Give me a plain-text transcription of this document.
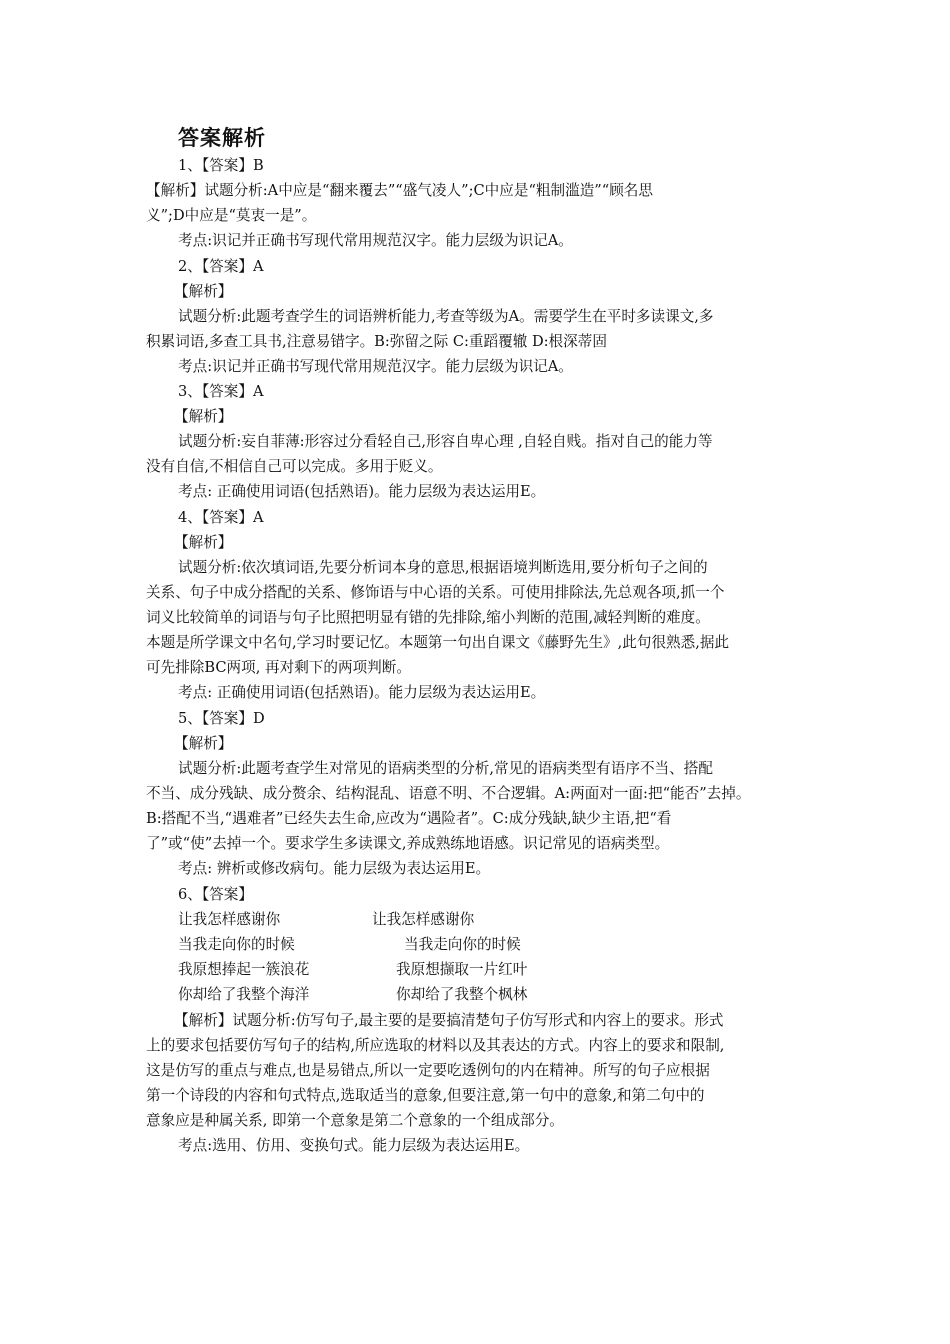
答案解析
1、【答案】B
【解析】试题分析:A中应是“翻来覆去”“盛气凌人”;C中应是“粗制滥造”“顾名思
义”;D中应是“莫衷一是”。
考点:识记并正确书写现代常用规范汉字。能力层级为识记A。
2、【答案】A
【解析】
试题分析:此题考查学生的词语辨析能力,考查等级为A。需要学生在平时多读课文,多
积累词语,多查工具书,注意易错字。B:弥留之际 C:重蹈覆辙 D:根深蒂固
考点:识记并正确书写现代常用规范汉字。能力层级为识记A。
3、【答案】A
【解析】
试题分析:妄自菲薄:形容过分看轻自己,形容自卑心理 ,自轻自贱。指对自己的能力等
没有自信,不相信自己可以完成。多用于贬义。
考点: 正确使用词语(包括熟语)。能力层级为表达运用E。
4、【答案】A
【解析】
试题分析:依次填词语,先要分析词本身的意思,根据语境判断选用,要分析句子之间的
关系、句子中成分搭配的关系、修饰语与中心语的关系。可使用排除法,先总观各项,抓一个
词义比较简单的词语与句子比照把明显有错的先排除,缩小判断的范围,减轻判断的难度。
本题是所学课文中名句,学习时要记忆。本题第一句出自课文《藤野先生》,此句很熟悉,据此
可先排除BC两项, 再对剩下的两项判断。
考点: 正确使用词语(包括熟语)。能力层级为表达运用E。
5、【答案】D
【解析】
试题分析:此题考查学生对常见的语病类型的分析,常见的语病类型有语序不当、搭配
不当、成分残缺、成分赘余、结构混乱、语意不明、不合逻辑。A:两面对一面:把“能否”去掉。
B:搭配不当,“遇难者”已经失去生命,应改为“遇险者”。C:成分残缺,缺少主语,把“看
了”或“使”去掉一个。要求学生多读课文,养成熟练地语感。识记常见的语病类型。
考点: 辨析或修改病句。能力层级为表达运用E。
6、【答案】
让我怎样感谢你	让我怎样感谢你
当我走向你的时候	当我走向你的时候
我原想捧起一簇浪花	我原想撷取一片红叶
你却给了我整个海洋	你却给了我整个枫林
【解析】试题分析:仿写句子,最主要的是要搞清楚句子仿写形式和内容上的要求。形式
上的要求包括要仿写句子的结构,所应选取的材料以及其表达的方式。内容上的要求和限制,
这是仿写的重点与难点,也是易错点,所以一定要吃透例句的内在精神。所写的句子应根据
第一个诗段的内容和句式特点,选取适当的意象,但要注意,第一句中的意象,和第二句中的
意象应是种属关系, 即第一个意象是第二个意象的一个组成部分。
考点:选用、仿用、变换句式。能力层级为表达运用E。
